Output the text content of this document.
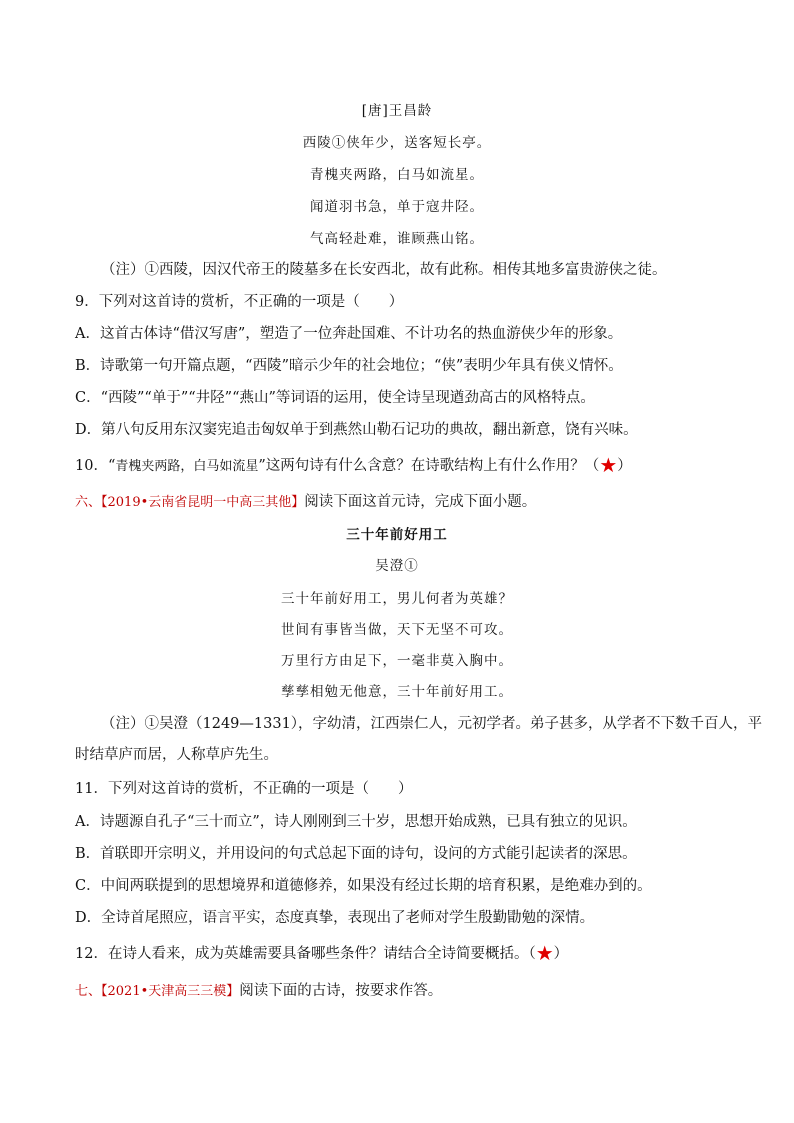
[唐]王昌龄
西陵①侠年少，送客短长亭。
青槐夹两路，白马如流星。
闻道羽书急，单于寇井陉。
气高轻赴难，谁顾燕山铭。
（注）①西陵，因汉代帝王的陵墓多在长安西北，故有此称。相传其地多富贵游侠之徒。
9．下列对这首诗的赏析，不正确的一项是（　　）
A．这首古体诗“借汉写唐”，塑造了一位奔赴国难、不计功名的热血游侠少年的形象。
B．诗歌第一句开篇点题，“西陵”暗示少年的社会地位；“侠”表明少年具有侠义情怀。
C．“西陵”“单于”“井陉”“燕山”等词语的运用，使全诗呈现遒劲高古的风格特点。
D．第八句反用东汉窦宪追击匈奴单于到燕然山勒石记功的典故，翻出新意，饶有兴味。
10．“青槐夹两路，白马如流星”这两句诗有什么含意？在诗歌结构上有什么作用？（★）
六、【2019•云南省昆明一中高三其他】阅读下面这首元诗，完成下面小题。
三十年前好用工
吴澄①
三十年前好用工，男儿何者为英雄？
世间有事皆当做，天下无坚不可攻。
万里行方由足下，一毫非莫入胸中。
孳孳相勉无他意，三十年前好用工。
（注）①吴澄（1249—1331），字幼清，江西崇仁人，元初学者。弟子甚多，从学者不下数千百人，平
时结草庐而居，人称草庐先生。
11．下列对这首诗的赏析，不正确的一项是（　　）
A．诗题源自孔子“三十而立”，诗人刚刚到三十岁，思想开始成熟，已具有独立的见识。
B．首联即开宗明义，并用设问的句式总起下面的诗句，设问的方式能引起读者的深思。
C．中间两联提到的思想境界和道德修养，如果没有经过长期的培育积累，是绝难办到的。
D．全诗首尾照应，语言平实，态度真挚，表现出了老师对学生殷勤勖勉的深情。
12．在诗人看来，成为英雄需要具备哪些条件？请结合全诗简要概括。（★）
七、【2021•天津高三三模】阅读下面的古诗，按要求作答。
